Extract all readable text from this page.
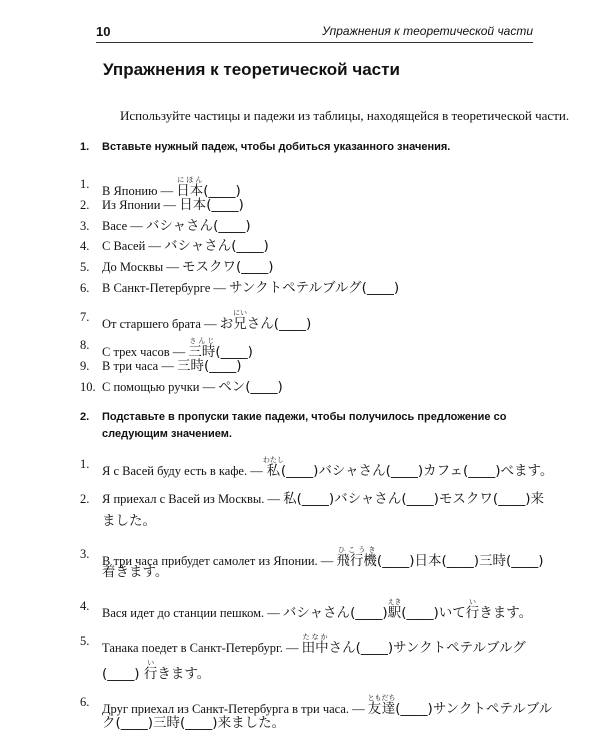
10	Упражнения к теоретической части
Упражнения к теоретической части
Используйте частицы и падежи из таблицы, находящейся в теоретической части.
1. Вставьте нужный падеж, чтобы добиться указанного значения.
1. В Японию — 日本にほん(____)
2. Из Японии — 日本(____)
3. Васе — バシャさん(____)
4. С Васей — バシャさん(____)
5. До Москвы — モスクワ(____)
6. В Санкт-Петербурге — サンクトペテルブルグ(____)
7. От старшего брата — お兄にいさん(____)
8. С трех часов — 三時さんじ(____)
9. В три часа — 三時(____)
10. С помощью ручки — ペン(____)
2. Подставьте в пропуски такие падежи, чтобы получилось предложение со следующим значением.
1. Я с Васей буду есть в кафе. — 私わたし(____)バシャさん(____)カフェ(____)べます。
2. Я приехал с Васей из Москвы. — 私(____)バシャさん(____)モスクワ(____)来
ました。
3. В три часа прибудет самолет из Японии. — 飛行機ひこうき(____)日本(____)三時(____)
着きます。
4. Вася идет до станции пешком. — バシャさん(____)駅えき(____)いて行いきます。
5. Танака поедет в Санкт-Петербург. — 田中たなかさん(____)サンクトペテルブルグ
(____) 行いきます。
6. Друг приехал из Санкт-Петербурга в три часа. — 友達ともだち(____)サンクトペテルブル
ク(____)三時(____)来ました。
